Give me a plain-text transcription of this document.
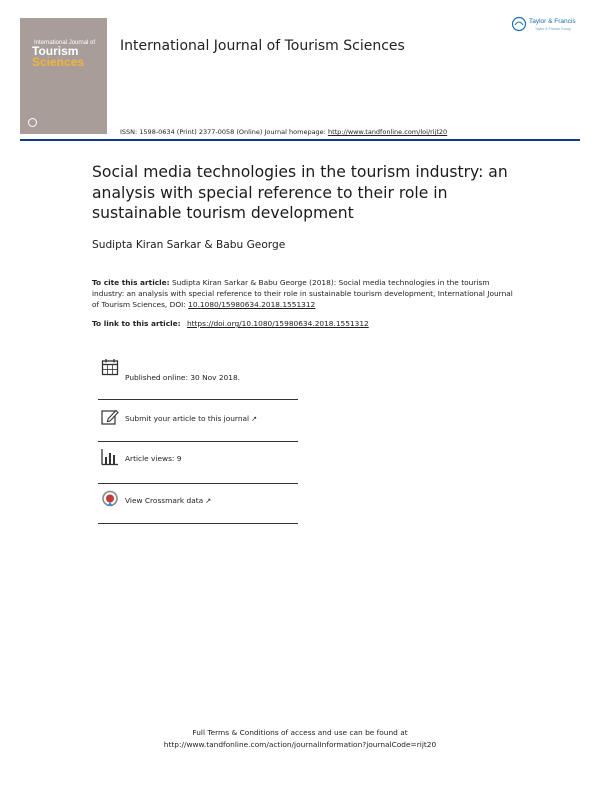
International Journal of
Tourism
Sciences
International Journal of Tourism Sciences
Taylor & Francis
Taylor & Francis Group
ISSN: 1598-0634 (Print) 2377-0058 (Online) Journal homepage: http://www.tandfonline.com/loi/rijt20
Social media technologies in the tourism industry: an analysis with special reference to their role in sustainable tourism development
Sudipta Kiran Sarkar & Babu George
To cite this article: Sudipta Kiran Sarkar & Babu George (2018): Social media technologies in the tourism industry: an analysis with special reference to their role in sustainable tourism development, International Journal of Tourism Sciences, DOI: 10.1080/15980634.2018.1551312
To link to this article: https://doi.org/10.1080/15980634.2018.1551312
Published online: 30 Nov 2018.
Submit your article to this journal ↗
Article views: 9
View Crossmark data ↗
Full Terms & Conditions of access and use can be found at
http://www.tandfonline.com/action/journalInformation?journalCode=rijt20
